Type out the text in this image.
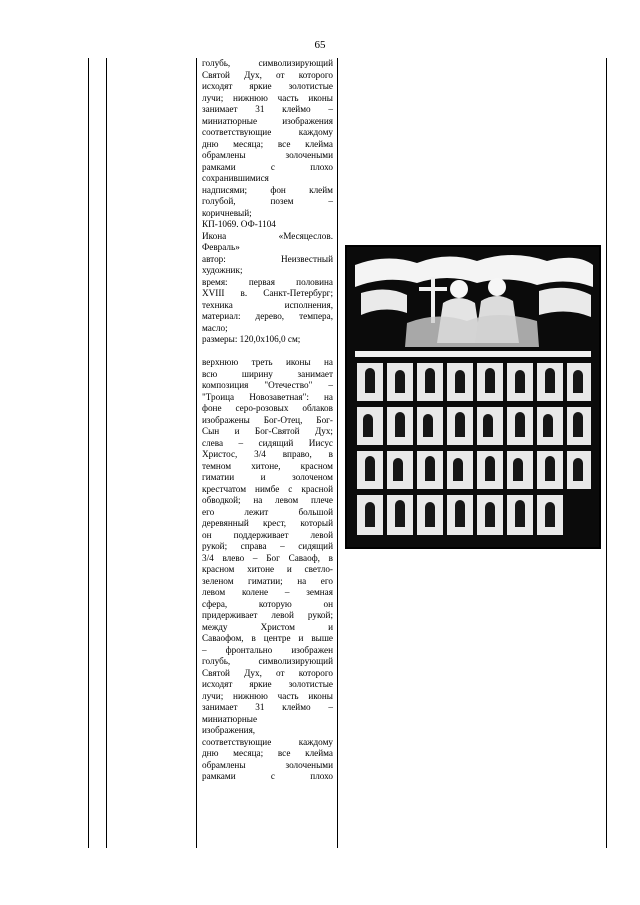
65
голубь, символизирующий
Святой Дух, от которого
исходят яркие золотистые
лучи; нижнюю часть иконы
занимает 31 клеймо –
миниатюрные изображения
соответствующие каждому
дню месяца; все клейма
обрамлены золочеными
рамками с плохо
сохранившимися
надписями; фон клейм
голубой, позем –
коричневый;
КП-1069. ОФ-1104
Икона «Месяцеслов.
Февраль»
автор: Неизвестный
художник;
время: первая половина
XVIII в. Санкт-Петербург;
техника исполнения,
материал: дерево, темпера,
масло;
размеры: 120,0x106,0 см;
верхнюю треть иконы на
всю ширину занимает
композиция "Отечество" –
"Троица Новозаветная": на
фоне серо-розовых облаков
изображены Бог-Отец, Бог-
Сын и Бог-Святой Дух;
слева – сидящий Иисус
Христос, 3/4 вправо, в
темном хитоне, красном
гиматии и золоченом
крестчатом нимбе с красной
обводкой; на левом плече
его лежит большой
деревянный крест, который
он поддерживает левой
рукой; справа – сидящий
3/4 влево – Бог Саваоф, в
красном хитоне и светло-
зеленом гиматии; на его
левом колене – земная
сфера, которую он
придерживает левой рукой;
между Христом и
Саваофом, в центре и выше
– фронтально изображен
голубь, символизирующий
Святой Дух, от которого
исходят яркие золотистые
лучи; нижнюю часть иконы
занимает 31 клеймо –
миниатюрные
изображения,
соответствующие каждому
дню месяца; все клейма
обрамлены золочеными
рамками с плохо
